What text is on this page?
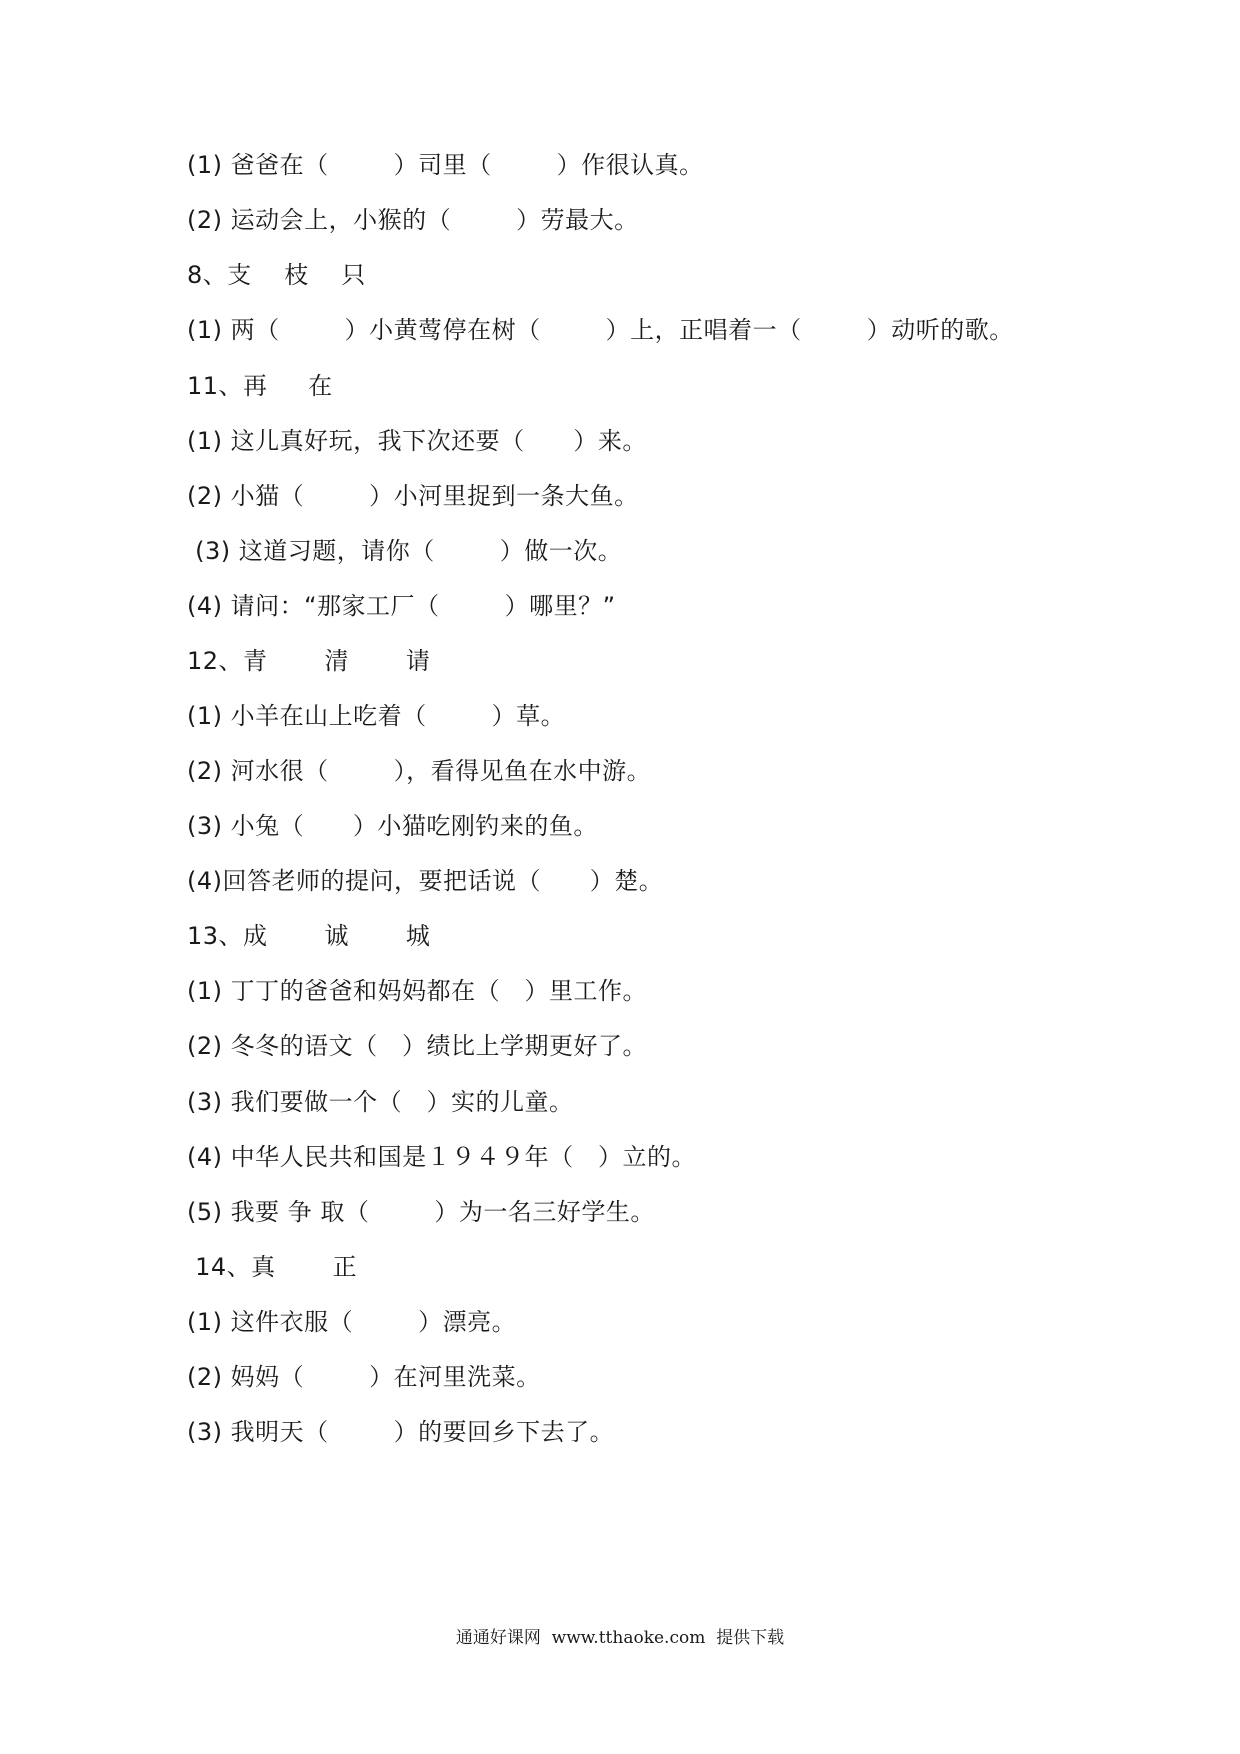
(1) 爸爸在（        ）司里（        ）作很认真。
(2) 运动会上，小猴的（        ）劳最大。
8、支    枝    只
(1) 两（        ）小黄莺停在树（        ）上，正唱着一（        ）动听的歌。
11、再     在
(1) 这儿真好玩，我下次还要（      ）来。
(2) 小猫（        ）小河里捉到一条大鱼。
(3) 这道习题，请你（        ）做一次。
(4) 请问：“那家工厂（        ）哪里？”
12、青       清       请
(1) 小羊在山上吃着（        ）草。
(2) 河水很（        ），看得见鱼在水中游。
(3) 小兔（      ）小猫吃刚钓来的鱼。
(4)回答老师的提问，要把话说（      ）楚。
13、成       诚       城
(1) 丁丁的爸爸和妈妈都在（   ）里工作。
(2) 冬冬的语文（   ）绩比上学期更好了。
(3) 我们要做一个（   ）实的儿童。
(4) 中华人民共和国是１９４９年（   ）立的。
(5) 我要 争 取（        ）为一名三好学生。
14、真       正
(1) 这件衣服（        ）漂亮。
(2) 妈妈（        ）在河里洗菜。
(3) 我明天（        ）的要回乡下去了。
通通好课网  www.tthaoke.com  提供下载
